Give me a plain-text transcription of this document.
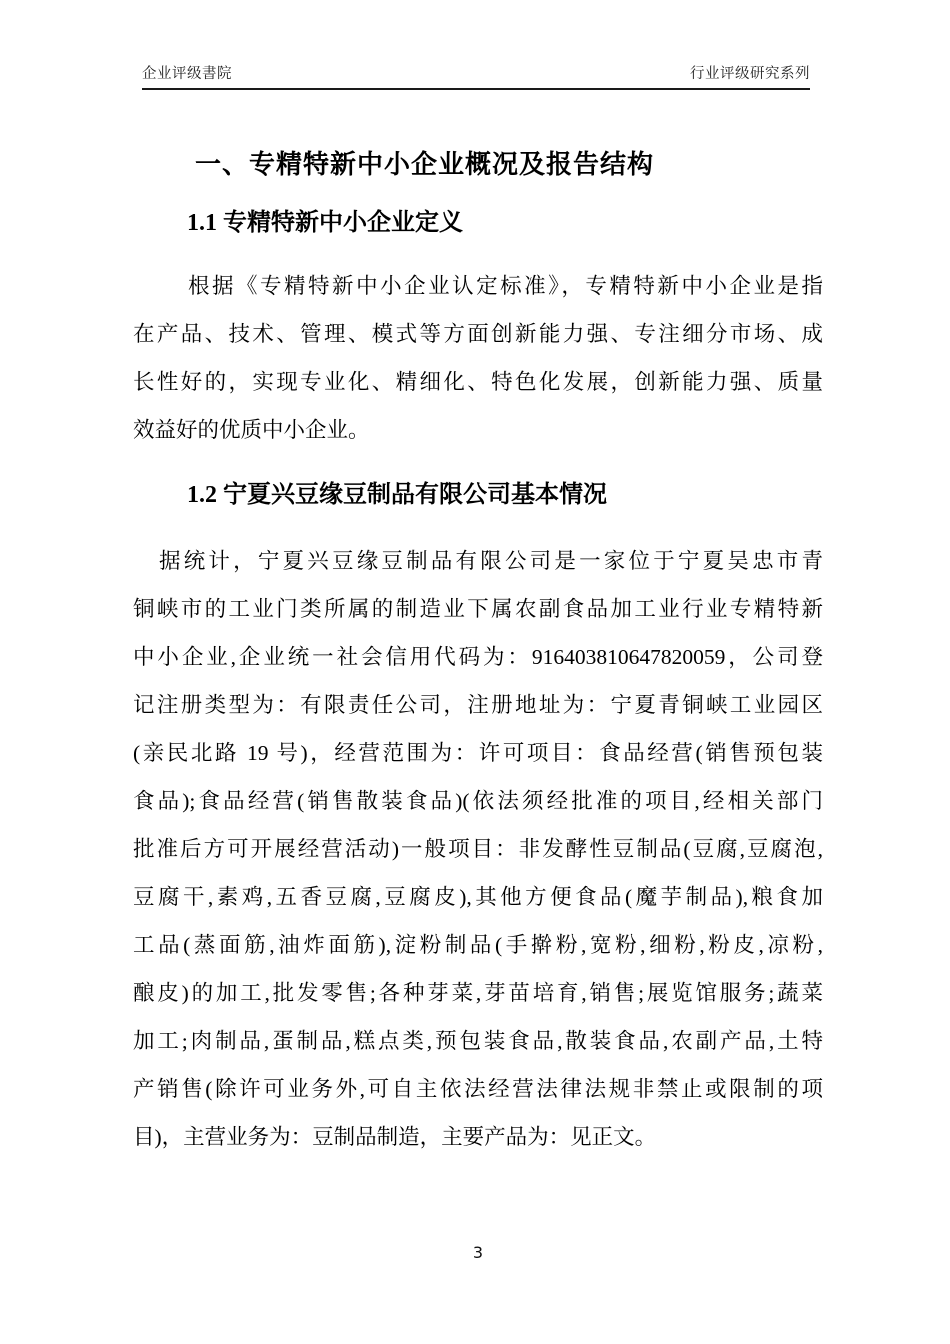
企业评级書院	行业评级研究系列
一、专精特新中小企业概况及报告结构
1.1 专精特新中小企业定义
根据《专精特新中小企业认定标准》，专精特新中小企业是指
在产品、技术、管理、模式等方面创新能力强、专注细分市场、成
长性好的，实现专业化、精细化、特色化发展，创新能力强、质量
效益好的优质中小企业。
1.2 宁夏兴豆缘豆制品有限公司基本情况
据统计，宁夏兴豆缘豆制品有限公司是一家位于宁夏吴忠市青
铜峡市的工业门类所属的制造业下属农副食品加工业行业专精特新
中小企业,企业统一社会信用代码为：916403810647820059，公司登
记注册类型为：有限责任公司，注册地址为：宁夏青铜峡工业园区
(亲民北路 19 号)，经营范围为：许可项目：食品经营(销售预包装
食品);食品经营(销售散装食品)(依法须经批准的项目,经相关部门
批准后方可开展经营活动)一般项目：非发酵性豆制品(豆腐,豆腐泡,
豆腐干,素鸡,五香豆腐,豆腐皮),其他方便食品(魔芋制品),粮食加
工品(蒸面筋,油炸面筋),淀粉制品(手擀粉,宽粉,细粉,粉皮,凉粉,
酿皮)的加工,批发零售;各种芽菜,芽苗培育,销售;展览馆服务;蔬菜
加工;肉制品,蛋制品,糕点类,预包装食品,散装食品,农副产品,土特
产销售(除许可业务外,可自主依法经营法律法规非禁止或限制的项
目)，主营业务为：豆制品制造，主要产品为：见正文。
3
